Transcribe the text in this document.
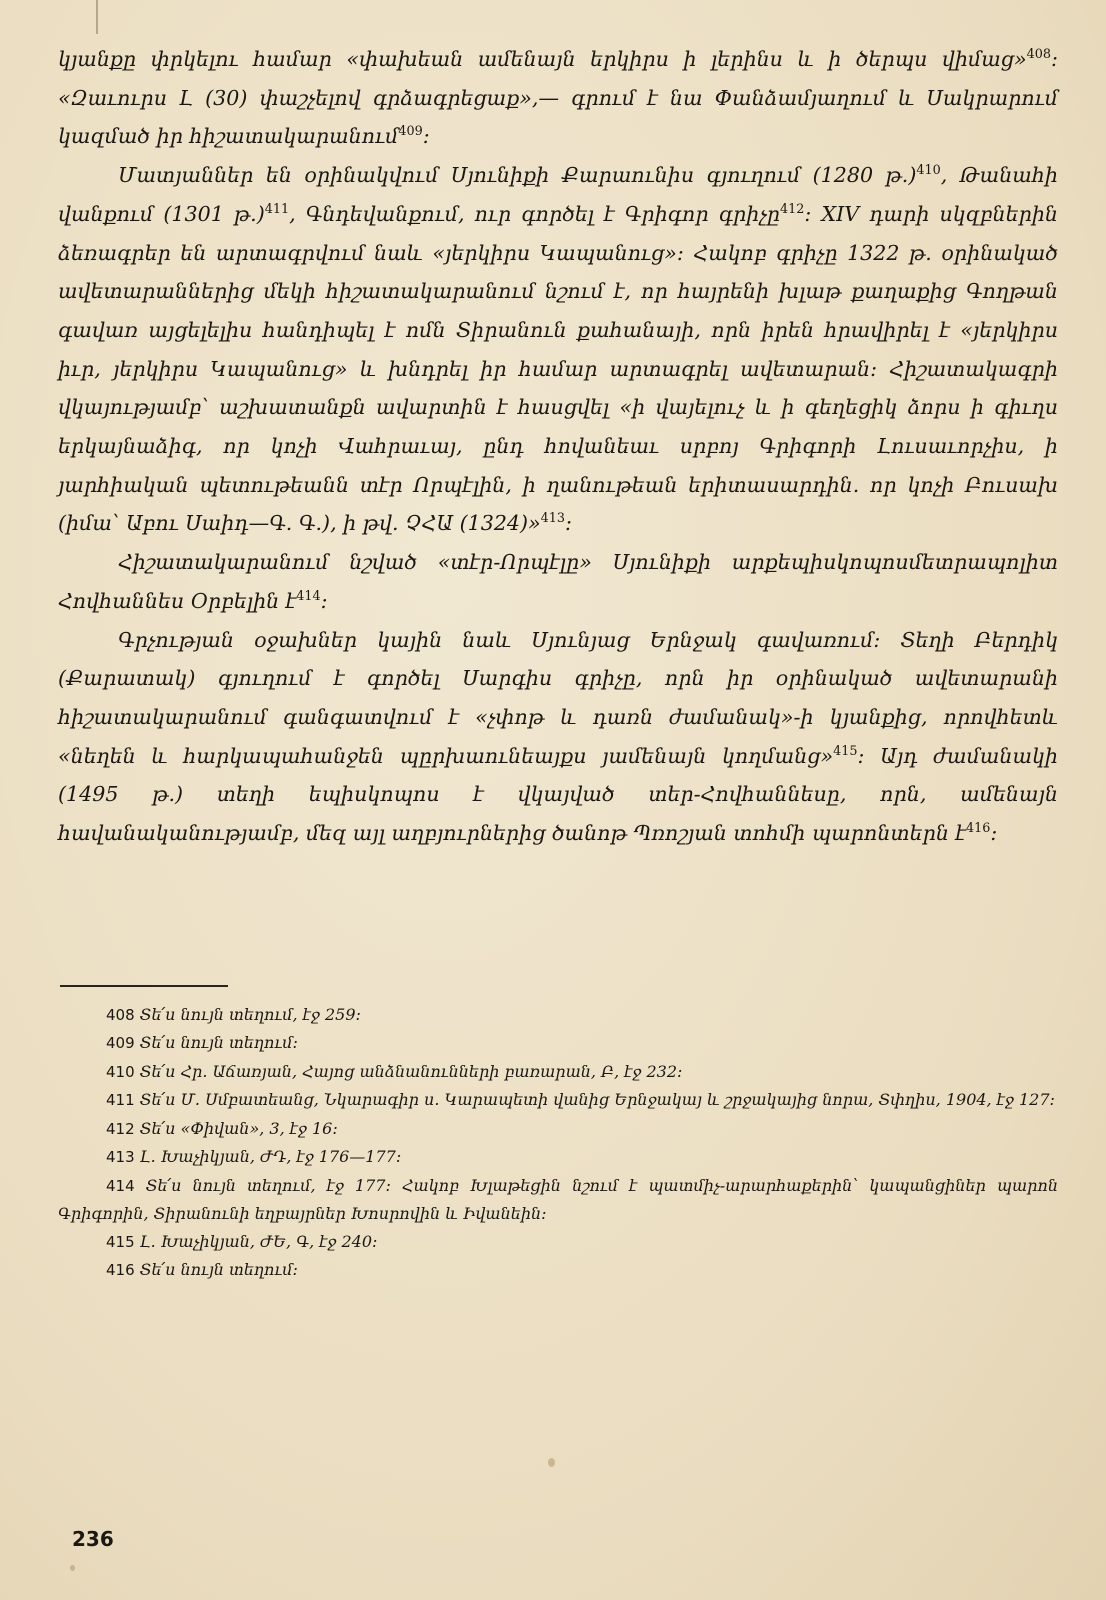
կյանքը փրկելու համար «փախեան ամենայն երկիրս ի լերինս և ի ծերպս վիմաց»$^{408}$։ «Զաւուրս Լ (30) փաշչելով գրձագրեցաք»,— գրում է նա Փանձամյաղում և Սակրարում կազմած իր հիշատակարանում$^{409}$։

Մատյաններ են օրինակվում Սյունիքի Քարաունիս գյուղում (1280 թ.)$^{410}$, Թանահի վանքում (1301 թ.)$^{411}$, Գնդեվանքում, ուր գործել է Գրիգոր գրիչը$^{412}$։ XIV դարի սկզբներին ձեռագրեր են արտագրվում նաև «յերկիրս Կապանուց»։ Հակոբ գրիչը 1322 թ. օրինակած ավետարաններից մեկի հիշատակարանում նշում է, որ հայրենի խլաթ քաղաքից Գողթան գավառ այցելելիս հանդիպել է ոմն Տիրանուն քահանայի, որն իրեն հրավիրել է «յերկիրս իւր, յերկիրս Կապանուց» և խնդրել իր համար արտագրել ավետարան։ Հիշատակագրի վկայությամբ՝ աշխատանքն ավարտին է հասցվել «ի վայելուչ և ի գեղեցիկ ձորս ի գիւղս երկայնաձիգ, որ կոչի Վահրաւայ, ընդ հովանեաւ սրբոյ Գրիգորի Լուսաւորչիս, ի յարհիական պետութեանն տէր Որպէլին, ի ղանութեան երիտասարդին. որ կոչի Բուսախ (իմա՝ Աբու Սաիդ—Գ. Գ.), ի թվ. ՉՀԱ (1324)»$^{413}$։

Հիշատակարանում նշված «տէր-Որպէլը» Սյունիքի արքեպիսկոպոսմետրապոլիտ Հովհաննես Օրբելին է$^{414}$։

Գրչության օջախներ կային նաև Սյունյաց Երնջակ գավառում։ Տեղի Բերդիկ (Քարատակ) գյուղում է գործել Սարգիս գրիչը, որն իր օրինակած ավետարանի հիշատակարանում գանգատվում է «չփոթ և դառն ժամանակ»-ի կյանքից, որովհետև «նեղեն և հարկապահանջեն պըրխաունեայքս յամենայն կողմանց»$^{415}$։ Այդ ժամանակի (1495 թ.) տեղի եպիսկոպոս է վկայված տեր-Հովհաննեսը, որն, ամենայն հավանականությամբ, մեզ այլ աղբյուրներից ծանոթ Պռոշյան տոհմի պարոնտերն է$^{416}$։

408 Տե՛ս նույն տեղում, էջ 259։
409 Տե՛ս նույն տեղում։
410 Տե՛ս Հր. Աճառյան, Հայոց անձնանունների բառարան, Բ, էջ 232։
411 Տե՛ս Մ. Սմբատեանց, Նկարագիր ս. Կարապետի վանից Երնջակայ և շրջակայից նորա, Տփղիս, 1904, էջ 127։
412 Տե՛ս «Փիվան», 3, էջ 16։
413 Լ. Խաչիկյան, ԺԴ, էջ 176—177։
414 Տե՛ս նույն տեղում, էջ 177։ Հակոբ Խլաթեցին նշում է պատմիչ-արարհաքերին՝ կապանցիներ պարոն Գրիգորին, Տիրանունի եղբայրներ Խոսրովին և Իվանեին։
415 Լ. Խաչիկյան, ԺԵ, Գ, էջ 240։
416 Տե՛ս նույն տեղում։
236
